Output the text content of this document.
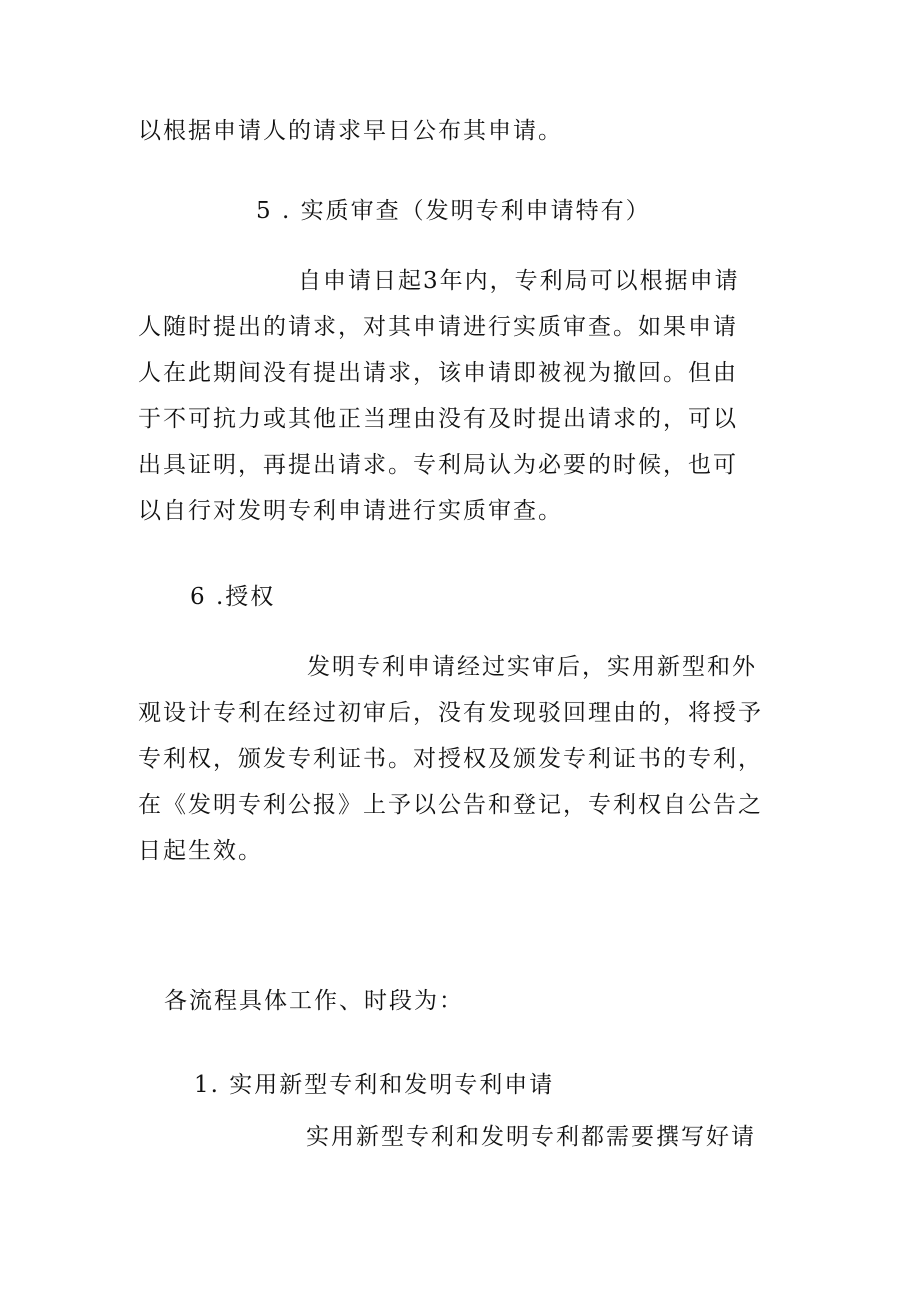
以根据申请人的请求早日公布其申请。
5 . 实质审查（发明专利申请特有）
自申请日起3年内，专利局可以根据申请
人随时提出的请求，对其申请进行实质审查。如果申请
人在此期间没有提出请求，该申请即被视为撤回。但由
于不可抗力或其他正当理由没有及时提出请求的，可以
出具证明，再提出请求。专利局认为必要的时候，也可
以自行对发明专利申请进行实质审查。
6 .授权
发明专利申请经过实审后，实用新型和外
观设计专利在经过初审后，没有发现驳回理由的，将授予
专利权，颁发专利证书。对授权及颁发专利证书的专利，
在《发明专利公报》上予以公告和登记，专利权自公告之
日起生效。
各流程具体工作、时段为：
1. 实用新型专利和发明专利申请
实用新型专利和发明专利都需要撰写好请
